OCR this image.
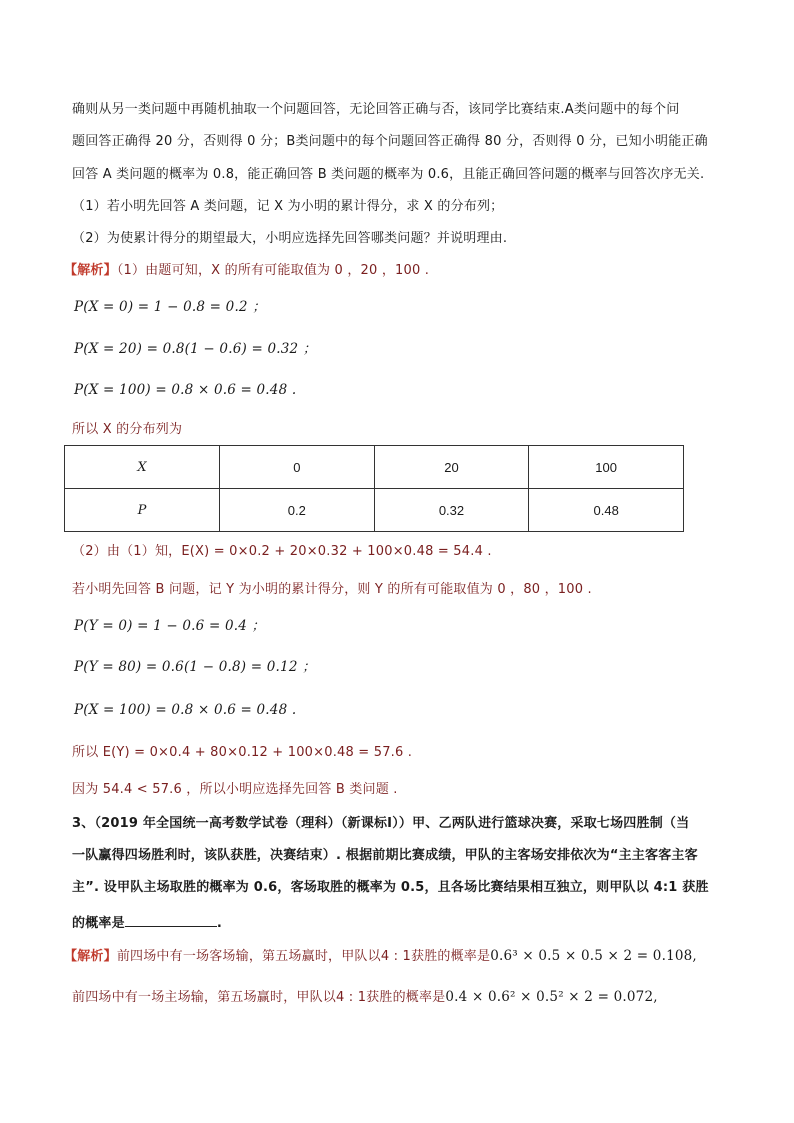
确则从另一类问题中再随机抽取一个问题回答，无论回答正确与否，该同学比赛结束.A类问题中的每个问
题回答正确得 20 分，否则得 0 分；B类问题中的每个问题回答正确得 80 分，否则得 0 分，已知小明能正确
回答 A 类问题的概率为 0.8，能正确回答 B 类问题的概率为 0.6，且能正确回答问题的概率与回答次序无关.
（1）若小明先回答 A 类问题，记 X 为小明的累计得分，求 X 的分布列；
（2）为使累计得分的期望最大，小明应选择先回答哪类问题？并说明理由.
【解析】（1）由题可知，X 的所有可能取值为 0 ，20 ，100 .
P(X = 0) = 1 − 0.8 = 0.2 ；
P(X = 20) = 0.8(1 − 0.6) = 0.32 ；
P(X = 100) = 0.8 × 0.6 = 0.48 .
所以 X 的分布列为
X	0	20	100
P	0.2	0.32	0.48
（2）由（1）知，E(X) = 0×0.2 + 20×0.32 + 100×0.48 = 54.4 .
若小明先回答 B 问题，记 Y 为小明的累计得分，则 Y 的所有可能取值为 0 ，80 ，100 .
P(Y = 0) = 1 − 0.6 = 0.4 ；
P(Y = 80) = 0.6(1 − 0.8) = 0.12 ；
P(X = 100) = 0.8 × 0.6 = 0.48 .
所以 E(Y) = 0×0.4 + 80×0.12 + 100×0.48 = 57.6 .
因为 54.4 < 57.6 ，所以小明应选择先回答 B 类问题 .
3、（2019 年全国统一高考数学试卷（理科）（新课标Ⅰ））甲、乙两队进行篮球决赛，采取七场四胜制（当
一队赢得四场胜利时，该队获胜，决赛结束）. 根据前期比赛成绩，甲队的主客场安排依次为“主主客客主客
主”. 设甲队主场取胜的概率为 0.6，客场取胜的概率为 0.5，且各场比赛结果相互独立，则甲队以 4:1 获胜
的概率是	.
【解析】前四场中有一场客场输，第五场赢时，甲队以4 : 1获胜的概率是0.6³ × 0.5 × 0.5 × 2 = 0.108,
前四场中有一场主场输，第五场赢时，甲队以4 : 1获胜的概率是0.4 × 0.6² × 0.5² × 2 = 0.072,
